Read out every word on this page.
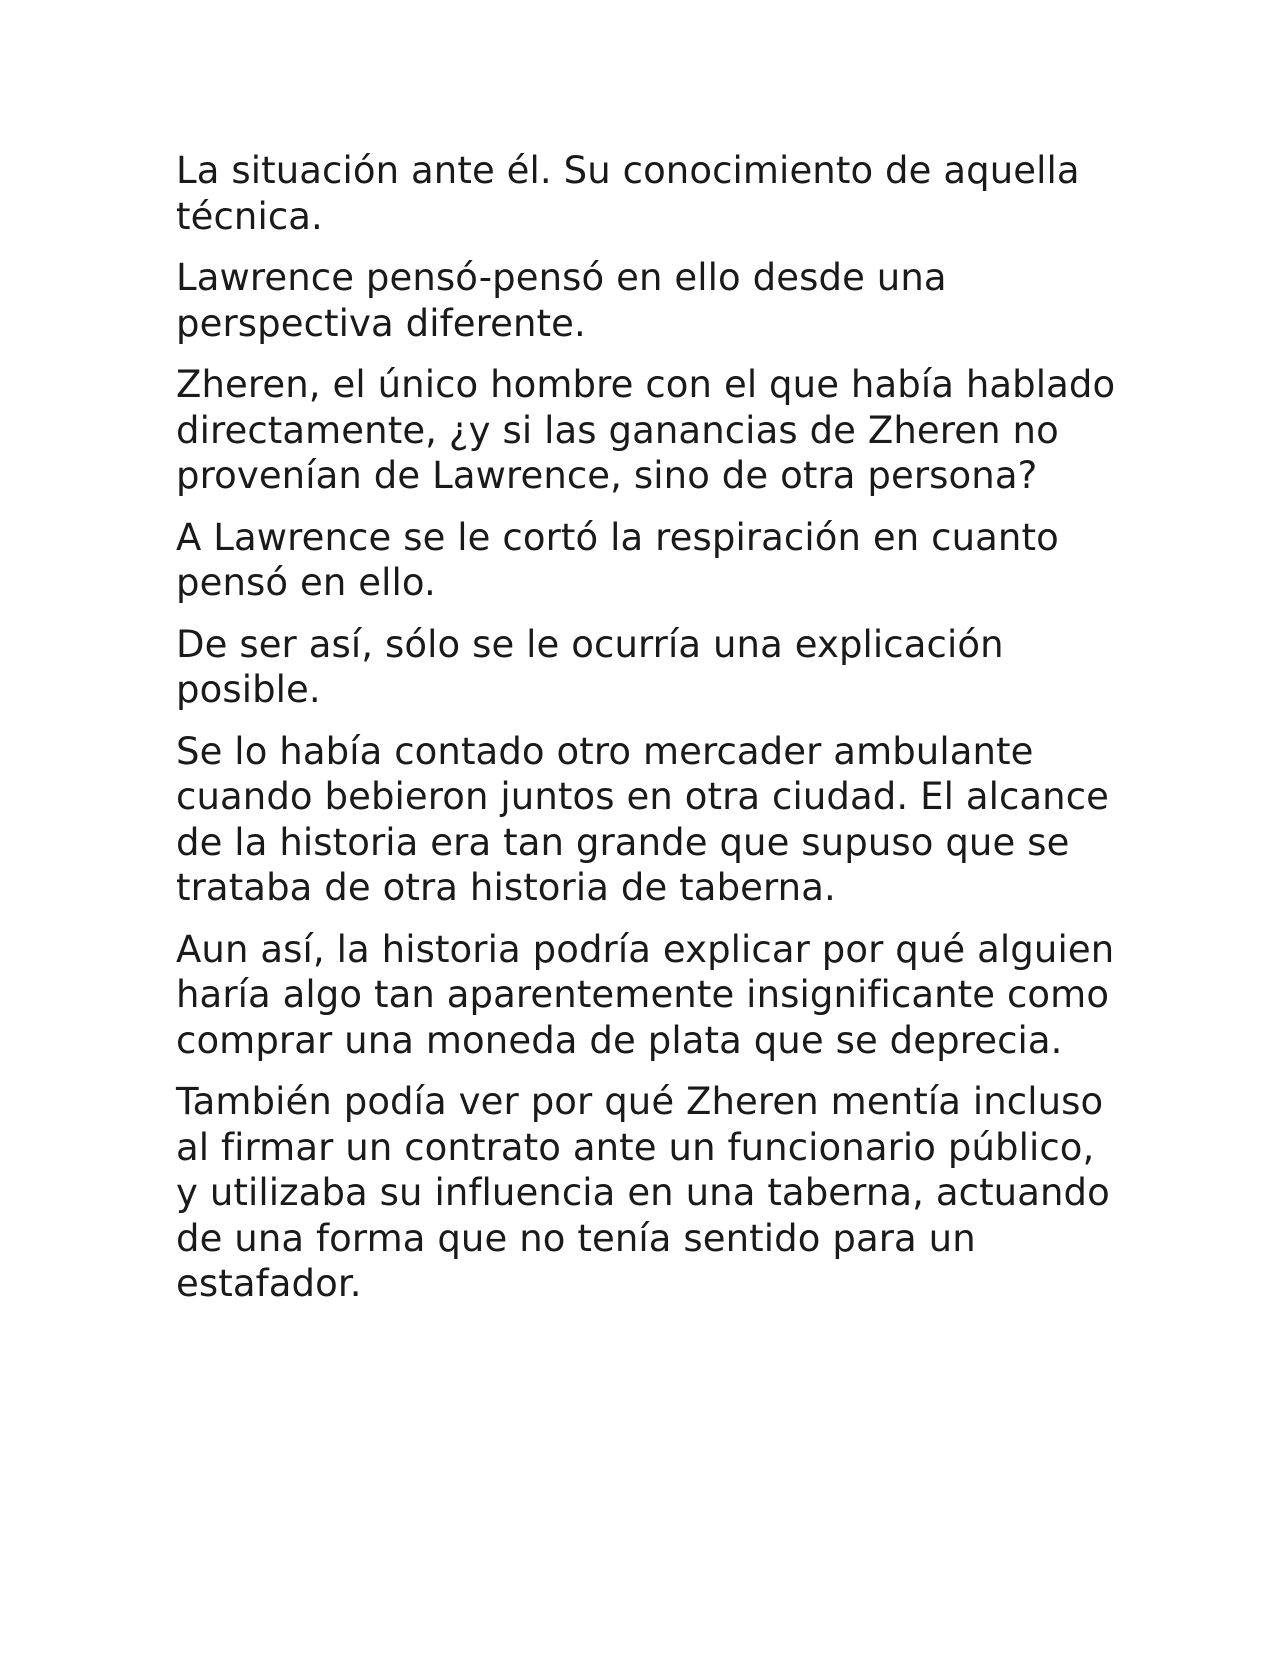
La situación ante él. Su conocimiento de aquella técnica.

Lawrence pensó-pensó en ello desde una perspectiva diferente.

Zheren, el único hombre con el que había hablado directamente, ¿y si las ganancias de Zheren no provenían de Lawrence, sino de otra persona?

A Lawrence se le cortó la respiración en cuanto pensó en ello.

De ser así, sólo se le ocurría una explicación posible.

Se lo había contado otro mercader ambulante cuando bebieron juntos en otra ciudad. El alcance de la historia era tan grande que supuso que se trataba de otra historia de taberna.

Aun así, la historia podría explicar por qué alguien haría algo tan aparentemente insignificante como comprar una moneda de plata que se deprecia.

También podía ver por qué Zheren mentía incluso al firmar un contrato ante un funcionario público, y utilizaba su influencia en una taberna, actuando de una forma que no tenía sentido para un estafador.
